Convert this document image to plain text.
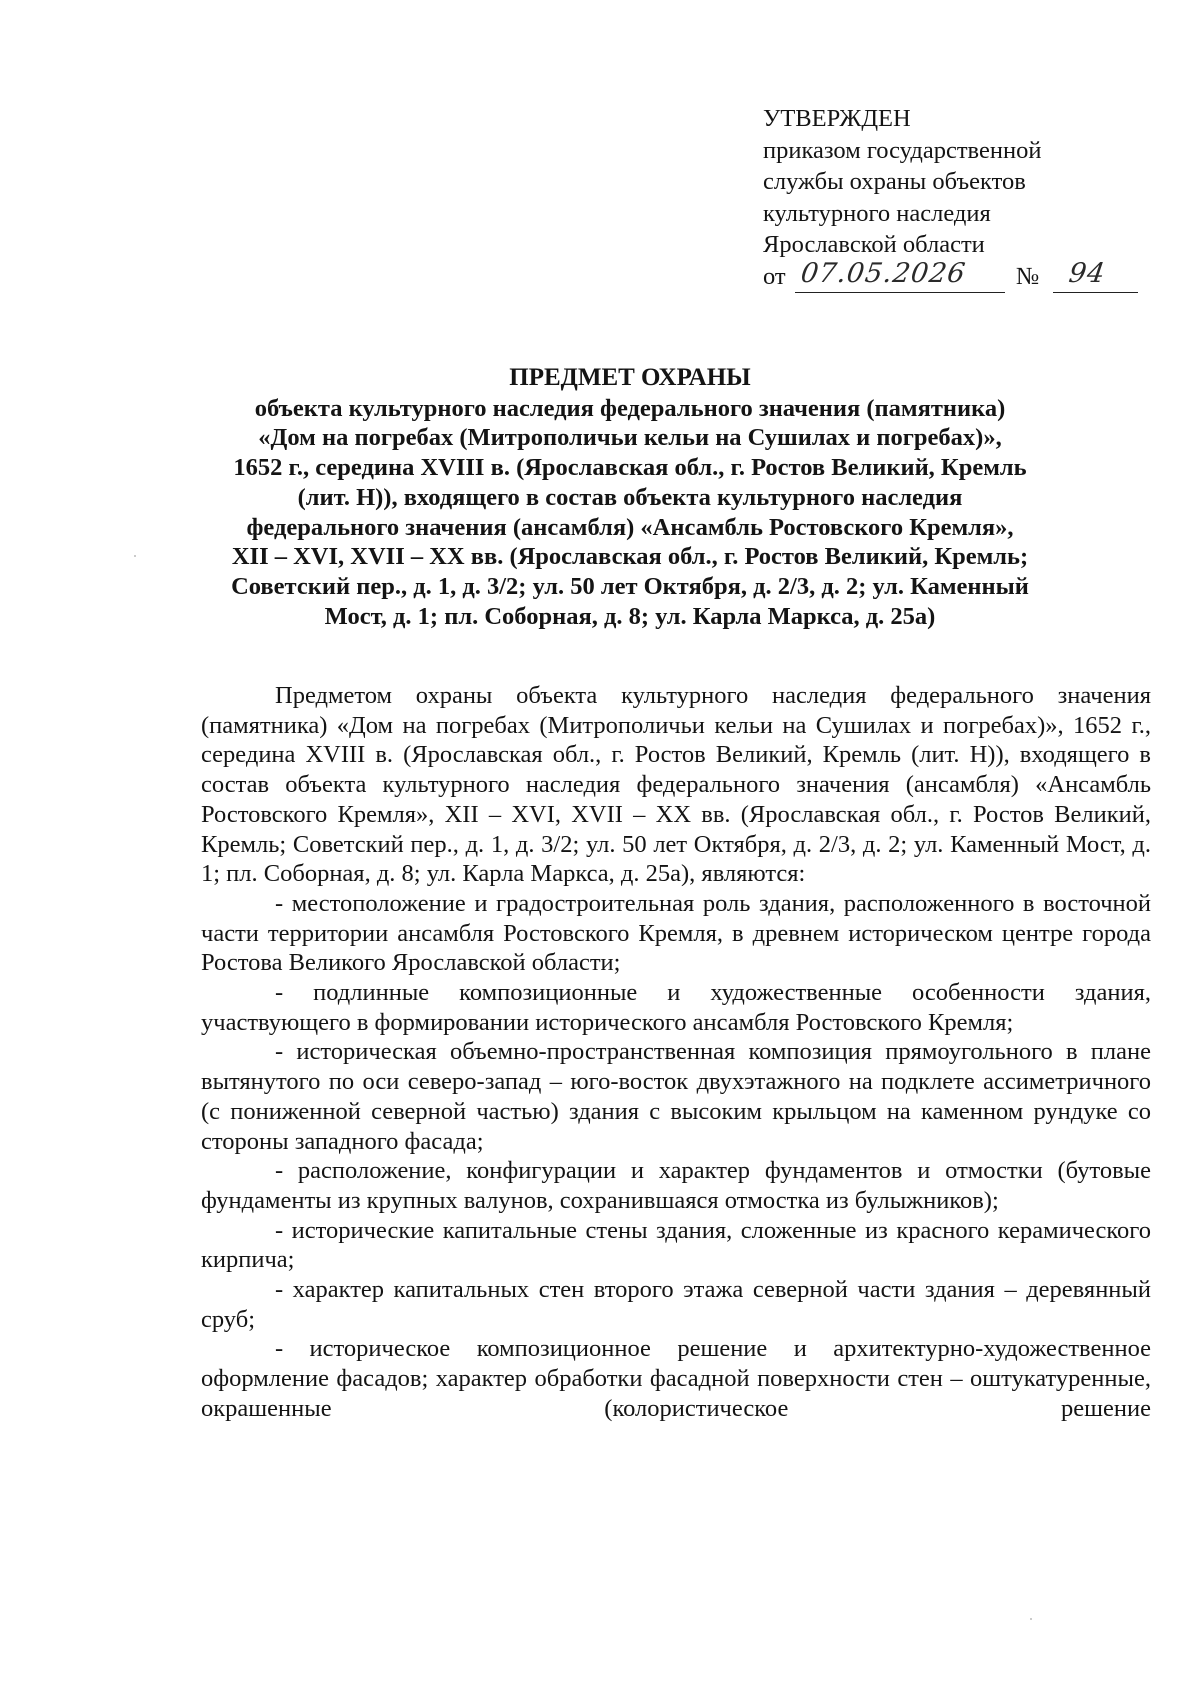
УТВЕРЖДЕН
приказом государственной
службы охраны объектов
культурного наследия
Ярославской области
от 07.05.2026 № 94
ПРЕДМЕТ ОХРАНЫ
объекта культурного наследия федерального значения (памятника)
«Дом на погребах (Митрополичьи кельи на Сушилах и погребах)»,
1652 г., середина XVIII в. (Ярославская обл., г. Ростов Великий, Кремль
(лит. Н)), входящего в состав объекта культурного наследия
федерального значения (ансамбля) «Ансамбль Ростовского Кремля»,
XII – XVI, XVII – XX вв. (Ярославская обл., г. Ростов Великий, Кремль;
Советский пер., д. 1, д. 3/2; ул. 50 лет Октября, д. 2/3, д. 2; ул. Каменный
Мост, д. 1; пл. Соборная, д. 8; ул. Карла Маркса, д. 25а)

Предметом охраны объекта культурного наследия федерального значения (памятника) «Дом на погребах (Митрополичьи кельи на Сушилах и погребах)», 1652 г., середина XVIII в. (Ярославская обл., г. Ростов Великий, Кремль (лит. Н)), входящего в состав объекта культурного наследия федерального значения (ансамбля) «Ансамбль Ростовского Кремля», XII – XVI, XVII – XX вв. (Ярославская обл., г. Ростов Великий, Кремль; Советский пер., д. 1, д. 3/2; ул. 50 лет Октября, д. 2/3, д. 2; ул. Каменный Мост, д. 1; пл. Соборная, д. 8; ул. Карла Маркса, д. 25а), являются:

- местоположение и градостроительная роль здания, расположенного в восточной части территории ансамбля Ростовского Кремля, в древнем историческом центре города Ростова Великого Ярославской области;

- подлинные композиционные и художественные особенности здания, участвующего в формировании исторического ансамбля Ростовского Кремля;

- историческая объемно-пространственная композиция прямоугольного в плане вытянутого по оси северо-запад – юго-восток двухэтажного на подклете ассиметричного (с пониженной северной частью) здания с высоким крыльцом на каменном рундуке со стороны западного фасада;

- расположение, конфигурации и характер фундаментов и отмостки (бутовые фундаменты из крупных валунов, сохранившаяся отмостка из булыжников);

- исторические капитальные стены здания, сложенные из красного керамического кирпича;

- характер капитальных стен второго этажа северной части здания – деревянный сруб;

- историческое композиционное решение и архитектурно-художественное оформление фасадов; характер обработки фасадной поверхности стен – оштукатуренные, окрашенные (колористическое решение
